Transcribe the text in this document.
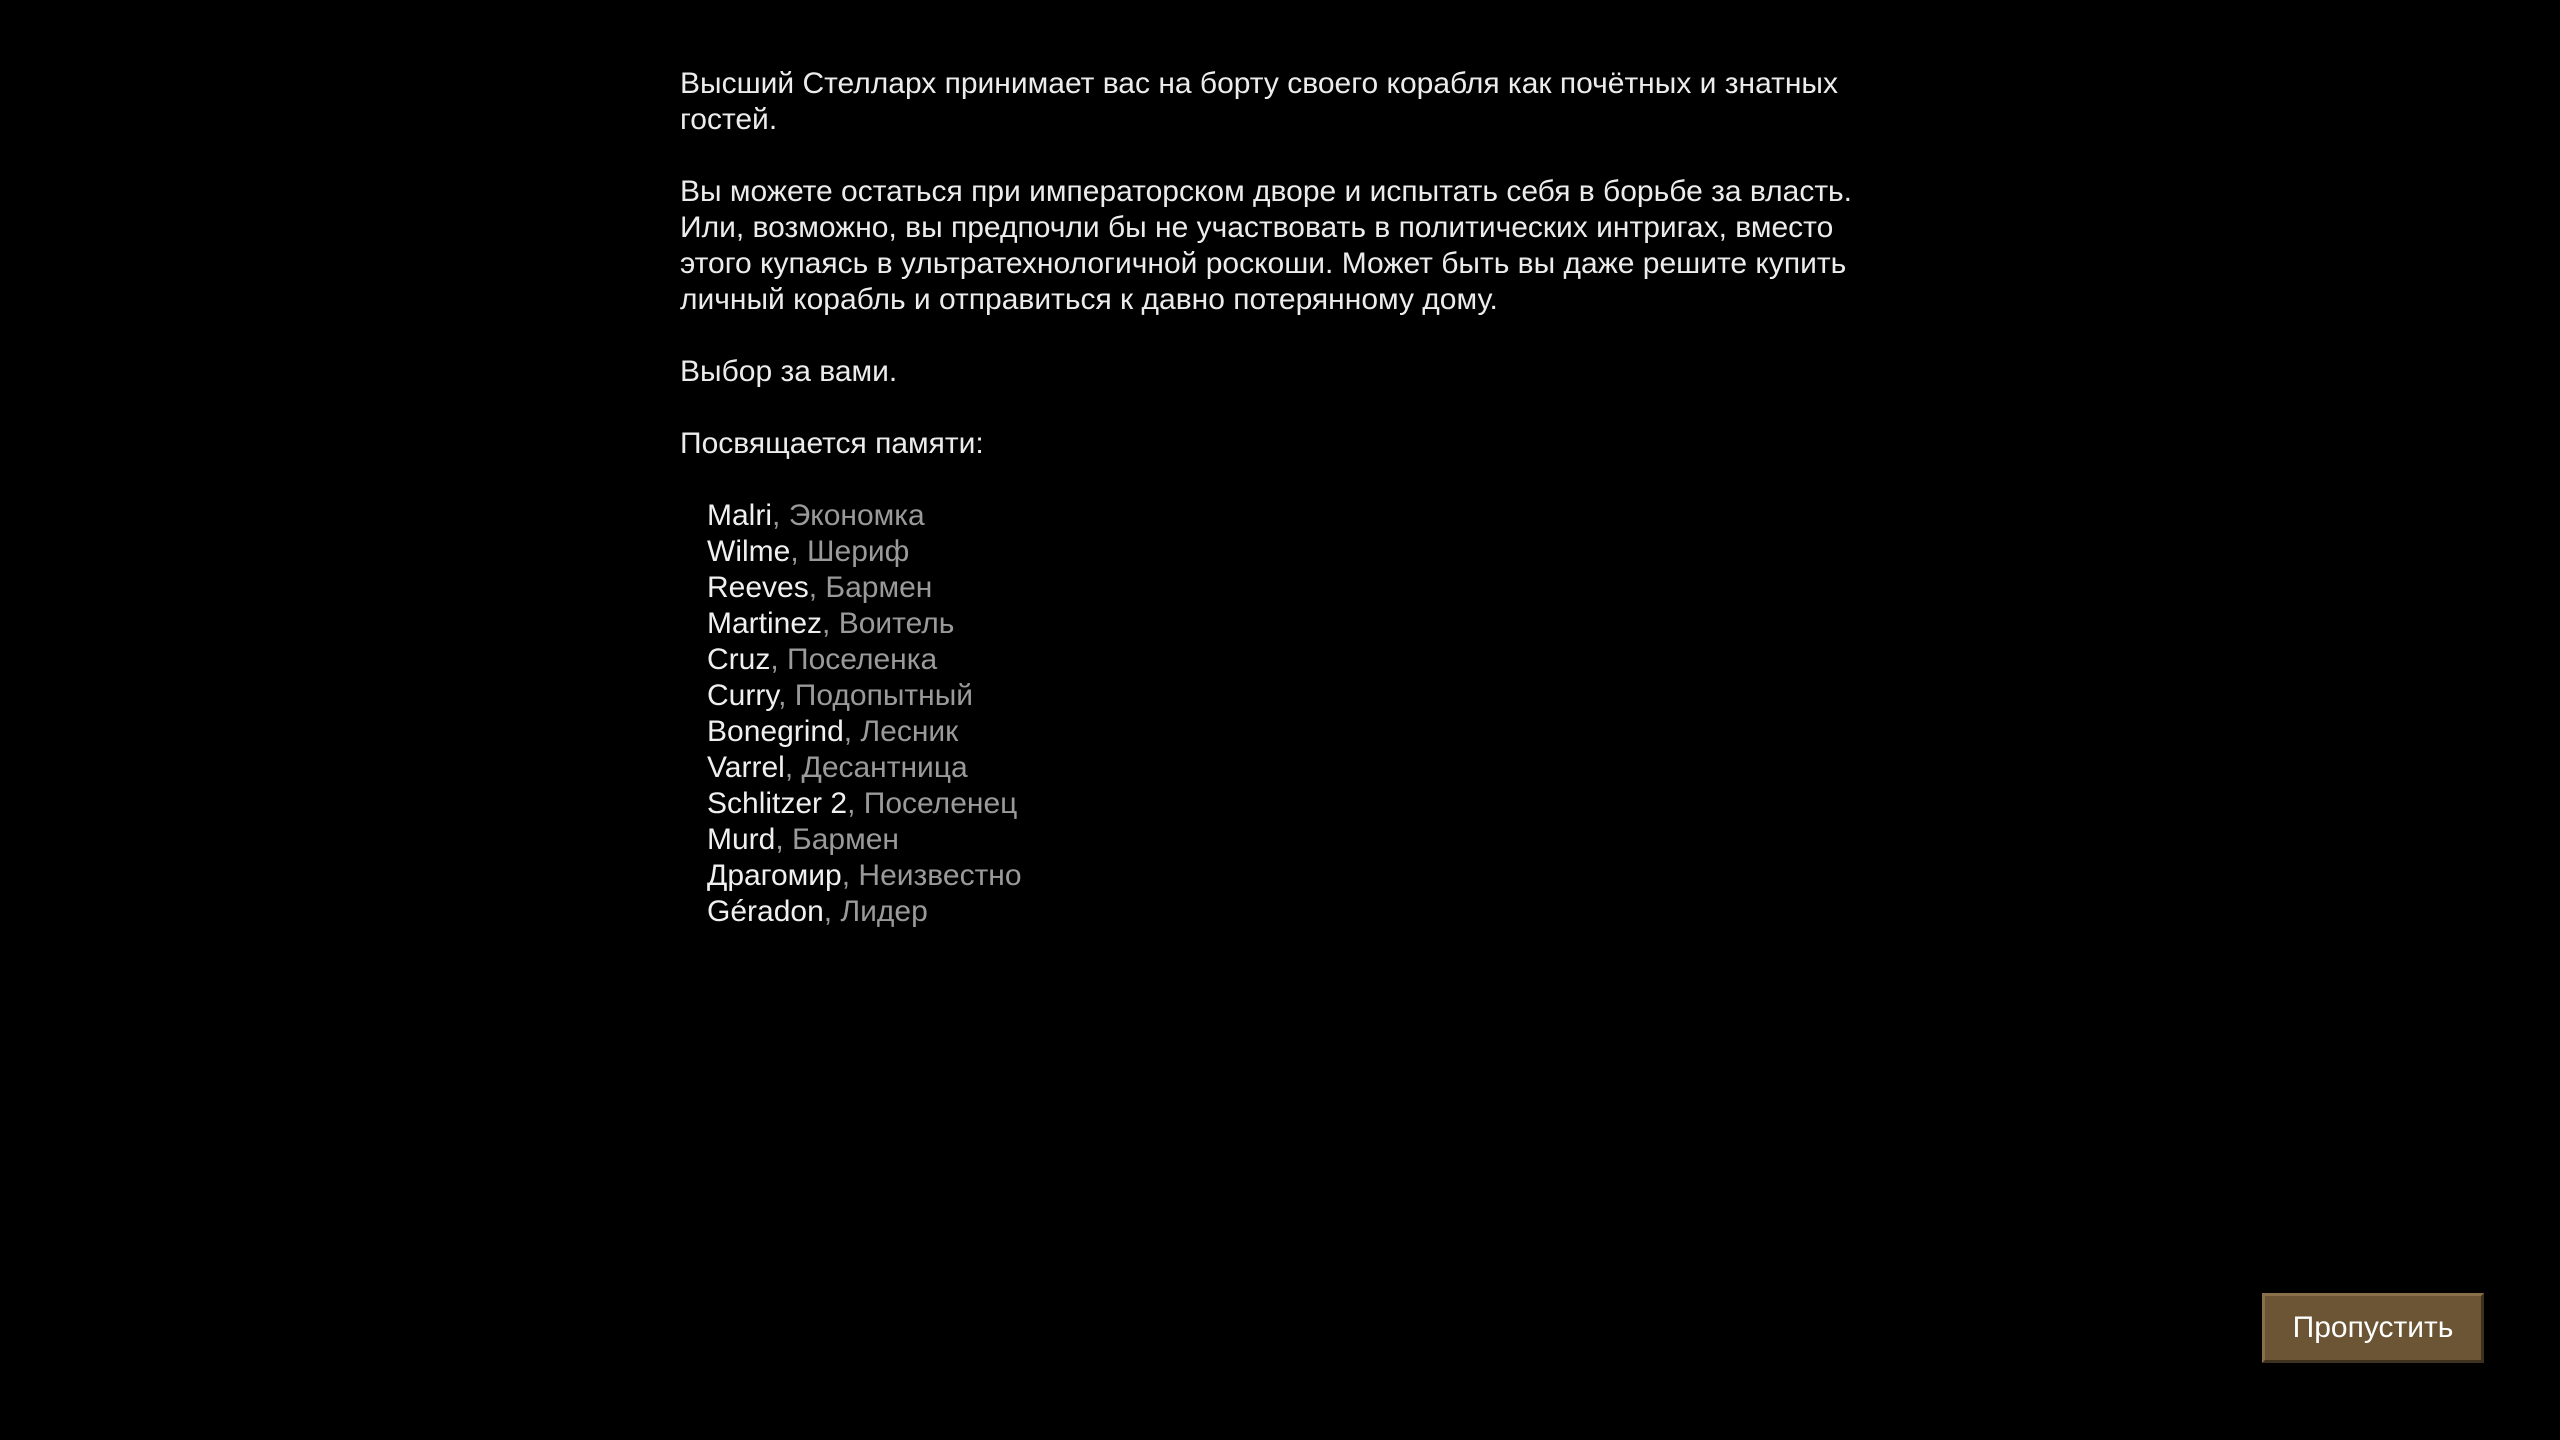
Высший Стелларх принимает вас на борту своего корабля как почётных и знатных гостей.

Вы можете остаться при императорском дворе и испытать себя в борьбе за власть. Или, возможно, вы предпочли бы не участвовать в политических интригах, вместо этого купаясь в ультратехнологичной роскоши. Может быть вы даже решите купить личный корабль и отправиться к давно потерянному дому.

Выбор за вами.

Посвящается памяти:

Malri, Экономка
Wilme, Шериф
Reeves, Бармен
Martinez, Воитель
Cruz, Поселенка
Curry, Подопытный
Bonegrind, Лесник
Varrel, Десантница
Schlitzer 2, Поселенец
Murd, Бармен
Драгомир, Неизвестно
Géradon, Лидер
Пропустить
